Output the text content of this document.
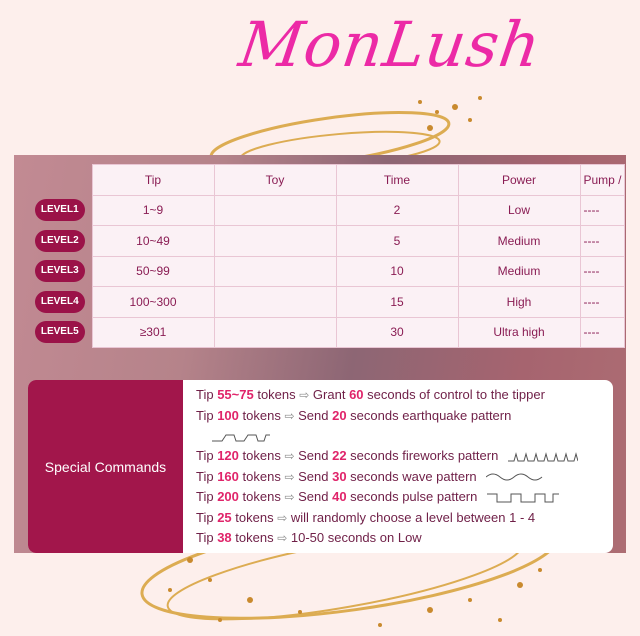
MonLush
	Tip	Toy	Time	Power	Pump /
LEVEL1	1~9		2	Low	----
LEVEL2	10~49		5	Medium	----
LEVEL3	50~99		10	Medium	----
LEVEL4	100~300		15	High	----
LEVEL5	≥301		30	Ultra high	----
Special Commands
Tip 55~75 tokens ⇨ Grant 60 seconds of control to the tipper
Tip 100 tokens ⇨ Send 20 seconds earthquake pattern
Tip 120 tokens ⇨ Send 22 seconds fireworks pattern
Tip 160 tokens ⇨ Send 30 seconds wave pattern
Tip 200 tokens ⇨ Send 40 seconds pulse pattern
Tip 25 tokens ⇨ will randomly choose a level between 1 - 4
Tip 38 tokens ⇨ 10-50 seconds on Low
